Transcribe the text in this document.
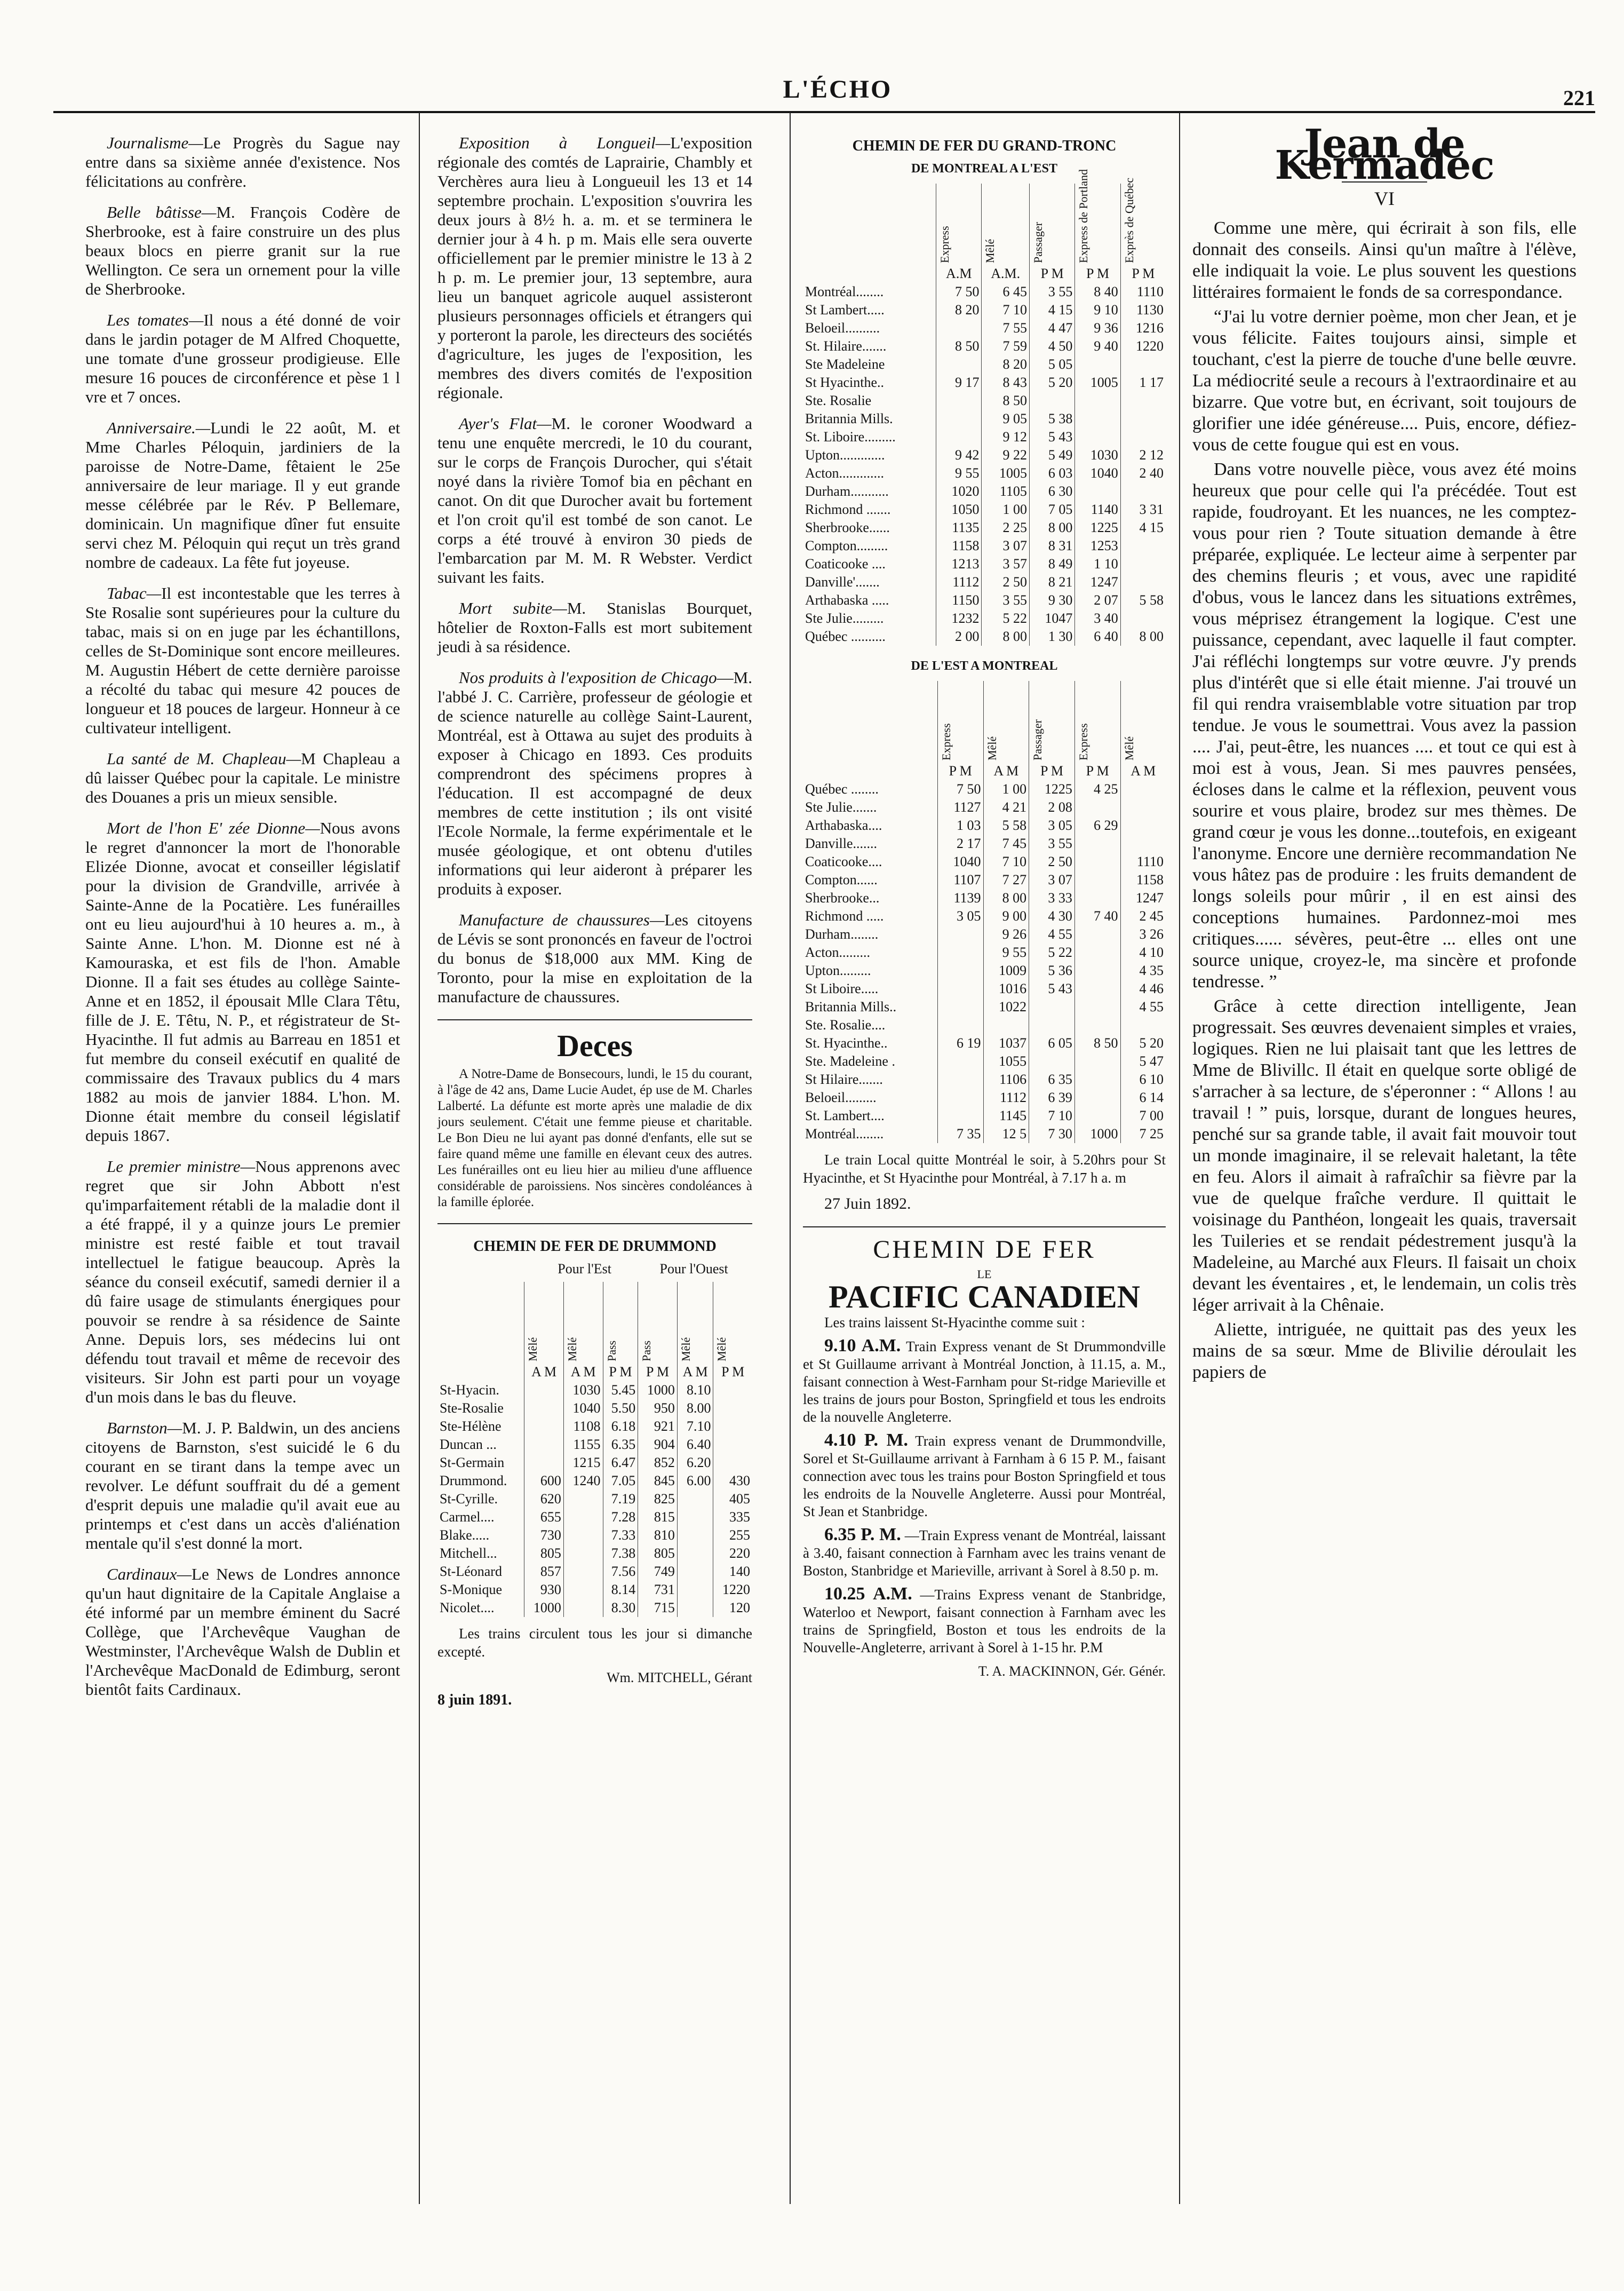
L'ÉCHO	221

Journalisme—Le Progrès du Sague nay entre dans sa sixième année d'existence. Nos félicitations au confrère.

Belle bâtisse—M. François Codère de Sherbrooke, est à faire construire un des plus beaux blocs en pierre granit sur la rue Wellington. Ce sera un ornement pour la ville de Sherbrooke.

Les tomates—Il nous a été donné de voir dans le jardin potager de M Alfred Choquette, une tomate d'une grosseur prodigieuse. Elle mesure 16 pouces de circonférence et pèse 1 l vre et 7 onces.

Anniversaire.—Lundi le 22 août, M. et Mme Charles Péloquin, jardiniers de la paroisse de Notre-Dame, fêtaient le 25e anniversaire de leur mariage. Il y eut grande messe célébrée par le Rév. P Bellemare, dominicain. Un magnifique dîner fut ensuite servi chez M. Péloquin qui reçut un très grand nombre de cadeaux. La fête fut joyeuse.

Tabac—Il est incontestable que les terres à Ste Rosalie sont supérieures pour la culture du tabac, mais si on en juge par les échantillons, celles de St-Dominique sont encore meilleures. M. Augustin Hébert de cette dernière paroisse a récolté du tabac qui mesure 42 pouces de longueur et 18 pouces de largeur. Honneur à ce cultivateur intelligent.

La santé de M. Chapleau—M Chapleau a dû laisser Québec pour la capitale. Le ministre des Douanes a pris un mieux sensible.

Mort de l'hon E' zée Dionne—Nous avons le regret d'annoncer la mort de l'honorable Elizée Dionne, avocat et conseiller législatif pour la division de Grandville, arrivée à Sainte-Anne de la Pocatière. Les funérailles ont eu lieu aujourd'hui à 10 heures a. m., à Sainte Anne. L'hon. M. Dionne est né à Kamouraska, et est fils de l'hon. Amable Dionne. Il a fait ses études au collège Sainte-Anne et en 1852, il épousait Mlle Clara Têtu, fille de J. E. Têtu, N. P., et régistrateur de St-Hyacinthe. Il fut admis au Barreau en 1851 et fut membre du conseil exécutif en qualité de commissaire des Travaux publics du 4 mars 1882 au mois de janvier 1884. L'hon. M. Dionne était membre du conseil législatif depuis 1867.

Le premier ministre—Nous apprenons avec regret que sir John Abbott n'est qu'imparfaitement rétabli de la maladie dont il a été frappé, il y a quinze jours Le premier ministre est resté faible et tout travail intellectuel le fatigue beaucoup. Après la séance du conseil exécutif, samedi dernier il a dû faire usage de stimulants énergiques pour pouvoir se rendre à sa résidence de Sainte Anne. Depuis lors, ses médecins lui ont défendu tout travail et même de recevoir des visiteurs. Sir John est parti pour un voyage d'un mois dans le bas du fleuve.

Barnston—M. J. P. Baldwin, un des anciens citoyens de Barnston, s'est suicidé le 6 du courant en se tirant dans la tempe avec un revolver. Le défunt souffrait du dé a gement d'esprit depuis une maladie qu'il avait eue au printemps et c'est dans un accès d'aliénation mentale qu'il s'est donné la mort.

Cardinaux—Le News de Londres annonce qu'un haut dignitaire de la Capitale Anglaise a été informé par un membre éminent du Sacré Collège, que l'Archevêque Vaughan de Westminster, l'Archevêque Walsh de Dublin et l'Archevêque MacDonald de Edimburg, seront bientôt faits Cardinaux.

Exposition à Longueil—L'exposition régionale des comtés de Laprairie, Chambly et Verchères aura lieu à Longueuil les 13 et 14 septembre prochain. L'exposition s'ouvrira les deux jours à 8½ h. a. m. et se terminera le dernier jour à 4 h. p m. Mais elle sera ouverte officiellement par le premier ministre le 13 à 2 h p. m. Le premier jour, 13 septembre, aura lieu un banquet agricole auquel assisteront plusieurs personnages officiels et étrangers qui y porteront la parole, les directeurs des sociétés d'agriculture, les juges de l'exposition, les membres des divers comités de l'exposition régionale.

Ayer's Flat—M. le coroner Woodward a tenu une enquête mercredi, le 10 du courant, sur le corps de François Durocher, qui s'était noyé dans la rivière Tomof bia en pêchant en canot. On dit que Durocher avait bu fortement et l'on croit qu'il est tombé de son canot. Le corps a été trouvé à environ 30 pieds de l'embarcation par M. M. R Webster. Verdict suivant les faits.

Mort subite—M. Stanislas Bourquet, hôtelier de Roxton-Falls est mort subitement jeudi à sa résidence.

Nos produits à l'exposition de Chicago—M. l'abbé J. C. Carrière, professeur de géologie et de science naturelle au collège Saint-Laurent, Montréal, est à Ottawa au sujet des produits à exposer à Chicago en 1893. Ces produits comprendront des spécimens propres à l'éducation. Il est accompagné de deux membres de cette institution ; ils ont visité l'Ecole Normale, la ferme expérimentale et le musée géologique, et ont obtenu d'utiles informations qui leur aideront à préparer les produits à exposer.

Manufacture de chaussures—Les citoyens de Lévis se sont prononcés en faveur de l'octroi du bonus de $18,000 aux MM. King de Toronto, pour la mise en exploitation de la manufacture de chaussures.

Deces

A Notre-Dame de Bonsecours, lundi, le 15 du courant, à l'âge de 42 ans, Dame Lucie Audet, ép use de M. Charles Lalberté. La défunte est morte après une maladie de dix jours seulement. C'était une femme pieuse et charitable. Le Bon Dieu ne lui ayant pas donné d'enfants, elle sut se faire quand même une famille en élevant ceux des autres. Les funérailles ont eu lieu hier au milieu d'une affluence considérable de paroissiens. Nos sincères condoléances à la famille éplorée.

CHEMIN DE FER DE DRUMMOND
Pour l'Est	Pour l'Ouest
	Mêlé	Mêlé	Pass	Pass	Mêlé	Mêlé
	A M	A M	P M	P M	A M	P M
St-Hyacin.		1030	5.45	1000	8.10	
Ste-Rosalie		1040	5.50	950	8.00	
Ste-Hélène		1108	6.18	921	7.10	
Duncan ...		1155	6.35	904	6.40	
St-Germain		1215	6.47	852	6.20	
Drummond.	600	1240	7.05	845	6.00	430
St-Cyrille.	620		7.19	825		405
Carmel....	655		7.28	815		335
Blake.....	730		7.33	810		255
Mitchell...	805		7.38	805		220
St-Léonard	857		7.56	749		140
S-Monique	930		8.14	731		1220
Nicolet....	1000		8.30	715		120
Les trains circulent tous les jour si dimanche excepté.
Wm. MITCHELL, Gérant
8 juin 1891.
CHEMIN DE FER DU GRAND-TRONC
DE MONTREAL A L'EST
	Express	Mêlé	Passager	Express de Portland	Exprès de Québec
	A.M	A.M.	P M	P M	P M
Montréal........	7 50	6 45	3 55	8 40	1110
St Lambert.....	8 20	7 10	4 15	9 10	1130
Beloeil..........		7 55	4 47	9 36	1216
St. Hilaire.......	8 50	7 59	4 50	9 40	1220
Ste Madeleine		8 20	5 05		
St Hyacinthe..	9 17	8 43	5 20	1005	1 17
Ste. Rosalie		8 50			
Britannia Mills.		9 05	5 38		
St. Liboire.........		9 12	5 43		
Upton.............	9 42	9 22	5 49	1030	2 12
Acton.............	9 55	1005	6 03	1040	2 40
Durham...........	1020	1105	6 30		
Richmond .......	1050	1 00	7 05	1140	3 31
Sherbrooke......	1135	2 25	8 00	1225	4 15
Compton.........	1158	3 07	8 31	1253	
Coaticooke ....	1213	3 57	8 49	1 10	
Danville'.......	1112	2 50	8 21	1247	
Arthabaska .....	1150	3 55	9 30	2 07	5 58
Ste Julie.........	1232	5 22	1047	3 40	
Québec ..........	2 00	8 00	1 30	6 40	8 00
DE L'EST A MONTREAL
	Express	Mêlé	Passager	Express	Mêlé
	P M	A M	P M	P M	A M
Québec ........	7 50	1 00	1225	4 25	
Ste Julie.......	1127	4 21	2 08		
Arthabaska....	1 03	5 58	3 05	6 29	
Danville.......	2 17	7 45	3 55		
Coaticooke....	1040	7 10	2 50		1110
Compton......	1107	7 27	3 07		1158
Sherbrooke...	1139	8 00	3 33		1247
Richmond .....	3 05	9 00	4 30	7 40	2 45
Durham........		9 26	4 55		3 26
Acton.........		9 55	5 22		4 10
Upton.........		1009	5 36		4 35
St Liboire.....		1016	5 43		4 46
Britannia Mills..		1022			4 55
Ste. Rosalie....					
St. Hyacinthe..	6 19	1037	6 05	8 50	5 20
Ste. Madeleine .		1055			5 47
St Hilaire.......		1106	6 35		6 10
Beloeil.........		1112	6 39		6 14
St. Lambert....		1145	7 10		7 00
Montréal........	7 35	12 5	7 30	1000	7 25
Le train Local quitte Montréal le soir, à 5.20hrs pour St Hyacinthe, et St Hyacinthe pour Montréal, à 7.17 h a. m
27 Juin 1892.
CHEMIN DE FER
LE
PACIFIC CANADIEN

Les trains laissent St-Hyacinthe comme suit :

9.10 A.M. Train Express venant de St Drummondville et St Guillaume arrivant à Montréal Jonction, à 11.15, a. M., faisant connection à West-Farnham pour St-ridge Marieville et les trains de jours pour Boston, Springfield et tous les endroits de la nouvelle Angleterre.

4.10 P. M. Train express venant de Drummondville, Sorel et St-Guillaume arrivant à Farnham à 6 15 P. M., faisant connection avec tous les trains pour Boston Springfield et tous les endroits de la Nouvelle Angleterre. Aussi pour Montréal, St Jean et Stanbridge.

6.35 P. M. —Train Express venant de Montréal, laissant à 3.40, faisant connection à Farnham avec les trains venant de Boston, Stanbridge et Marieville, arrivant à Sorel à 8.50 p. m.

10.25 A.M. —Trains Express venant de Stanbridge, Waterloo et Newport, faisant connection à Farnham avec les trains de Springfield, Boston et tous les endroits de la Nouvelle-Angleterre, arrivant à Sorel à 1-15 hr. P.M

T. A. MACKINNON, Gér. Génér.
Jean de Kermadec
VI

Comme une mère, qui écrirait à son fils, elle donnait des conseils. Ainsi qu'un maître à l'élève, elle indiquait la voie. Le plus souvent les questions littéraires formaient le fonds de sa correspondance.

“J'ai lu votre dernier poème, mon cher Jean, et je vous félicite. Faites toujours ainsi, simple et touchant, c'est la pierre de touche d'une belle œuvre. La médiocrité seule a recours à l'extraordinaire et au bizarre. Que votre but, en écrivant, soit toujours de glorifier une idée généreuse.... Puis, encore, défiez-vous de cette fougue qui est en vous.

Dans votre nouvelle pièce, vous avez été moins heureux que pour celle qui l'a précédée. Tout est rapide, foudroyant. Et les nuances, ne les comptez-vous pour rien ? Toute situation demande à être préparée, expliquée. Le lecteur aime à serpenter par des chemins fleuris ; et vous, avec une rapidité d'obus, vous le lancez dans les situations extrêmes, vous méprisez étrangement la logique. C'est une puissance, cependant, avec laquelle il faut compter. J'ai réfléchi longtemps sur votre œuvre. J'y prends plus d'intérêt que si elle était mienne. J'ai trouvé un fil qui rendra vraisemblable votre situation par trop tendue. Je vous le soumettrai. Vous avez la passion .... J'ai, peut-être, les nuances .... et tout ce qui est à moi est à vous, Jean. Si mes pauvres pensées, écloses dans le calme et la réflexion, peuvent vous sourire et vous plaire, brodez sur mes thèmes. De grand cœur je vous les donne...toutefois, en exigeant l'anonyme. Encore une dernière recommandation Ne vous hâtez pas de produire : les fruits demandent de longs soleils pour mûrir , il en est ainsi des conceptions humaines. Pardonnez-moi mes critiques...... sévères, peut-être ... elles ont une source unique, croyez-le, ma sincère et profonde tendresse. ”

Grâce à cette direction intelligente, Jean progressait. Ses œuvres devenaient simples et vraies, logiques. Rien ne lui plaisait tant que les lettres de Mme de Blivillc. Il était en quelque sorte obligé de s'arracher à sa lecture, de s'éperonner : “ Allons ! au travail ! ” puis, lorsque, durant de longues heures, penché sur sa grande table, il avait fait mouvoir tout un monde imaginaire, il se relevait haletant, la tête en feu. Alors il aimait à rafraîchir sa fièvre par la vue de quelque fraîche verdure. Il quittait le voisinage du Panthéon, longeait les quais, traversait les Tuileries et se rendait pédestrement jusqu'à la Madeleine, au Marché aux Fleurs. Il faisait un choix devant les éventaires , et, le lendemain, un colis très léger arrivait à la Chênaie.

Aliette, intriguée, ne quittait pas des yeux les mains de sa sœur. Mme de Blivilie déroulait les papiers de
